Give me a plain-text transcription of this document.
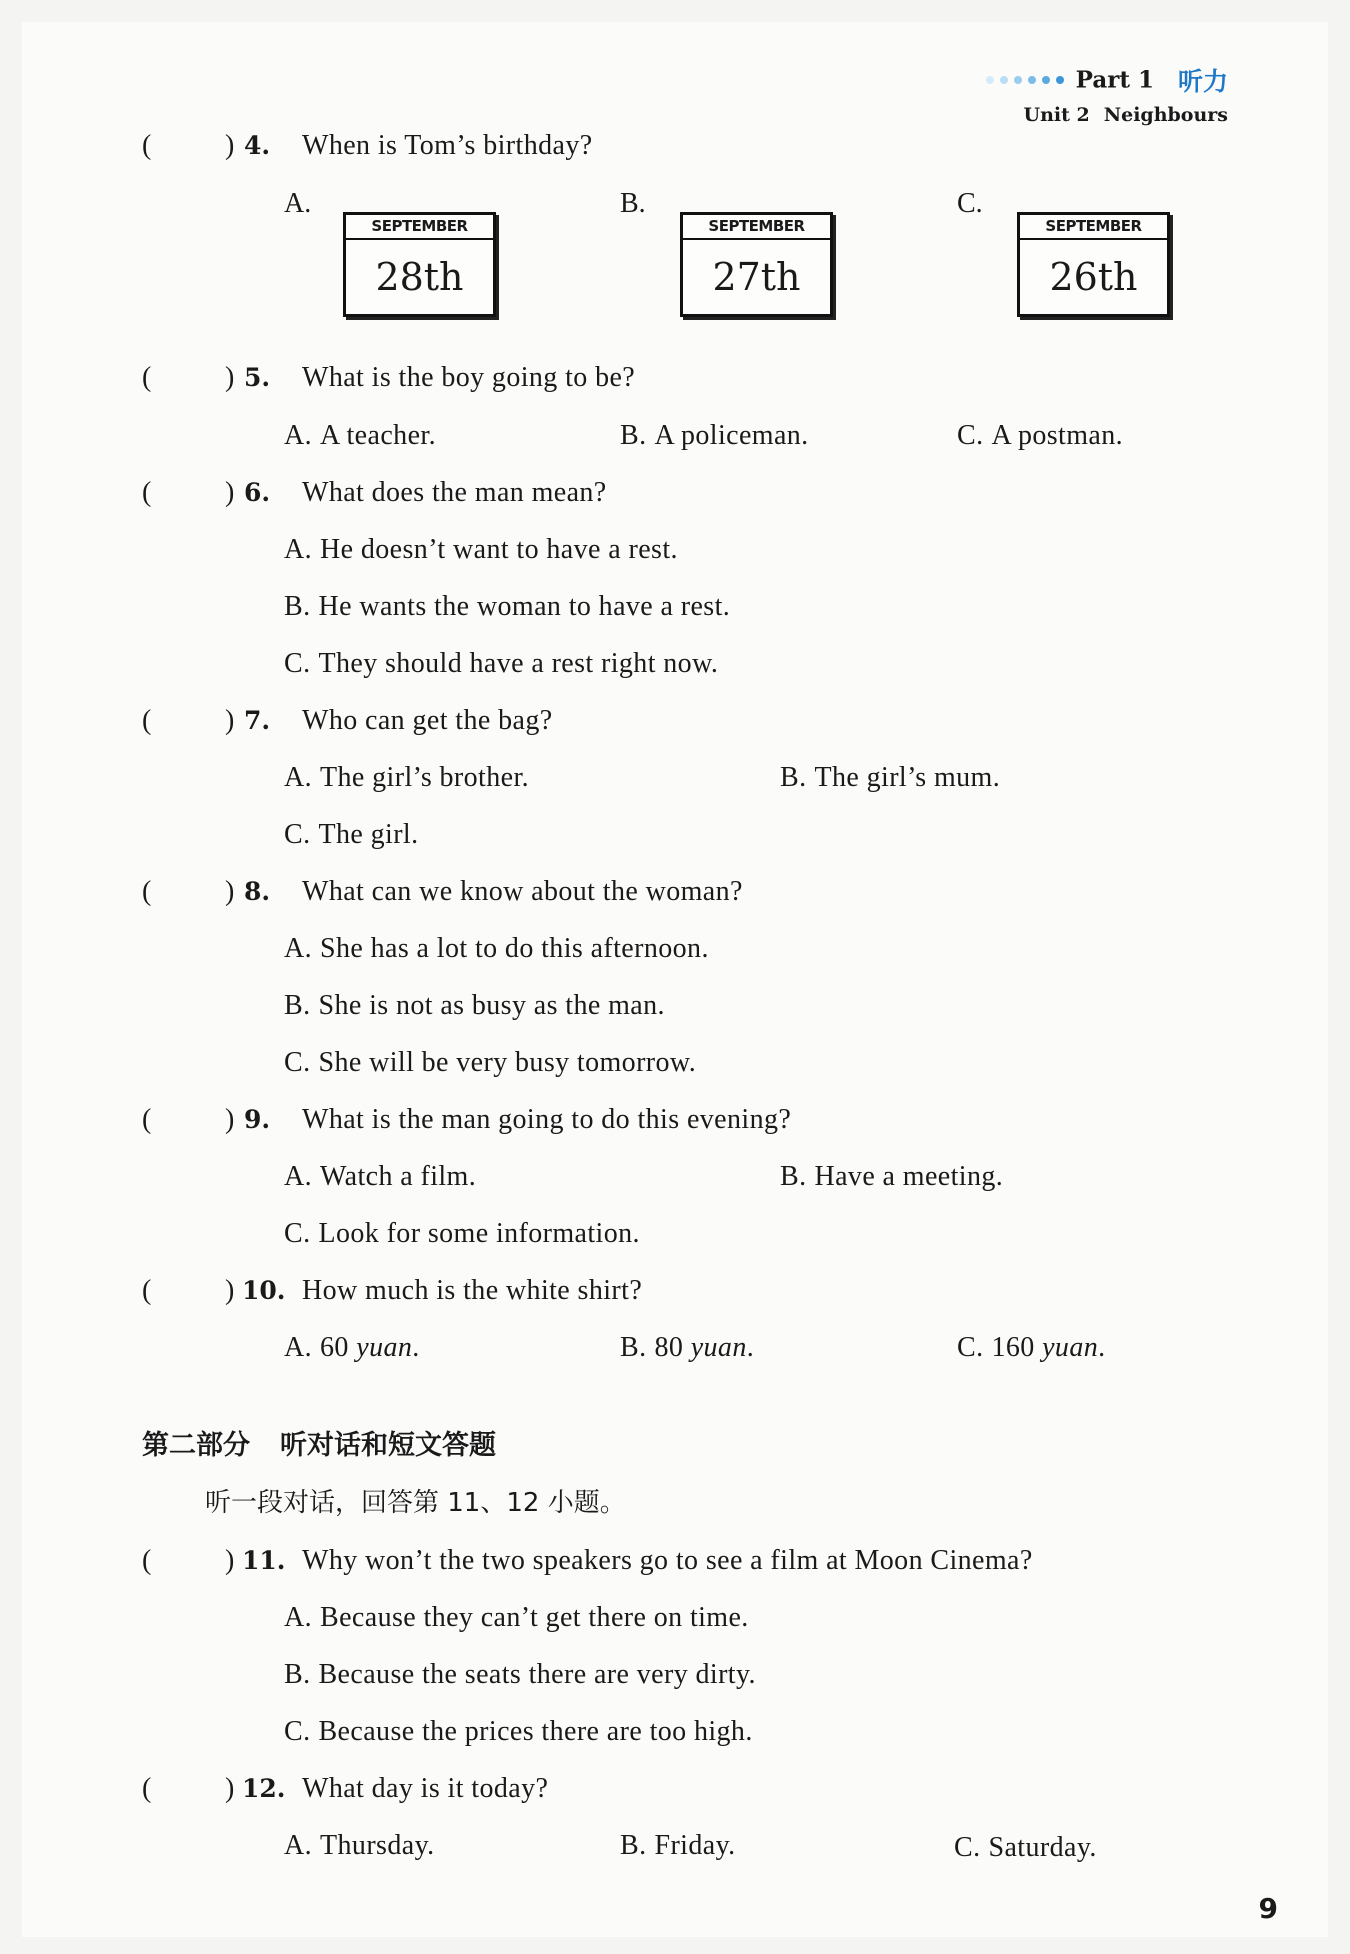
Part 1 听力
Unit 2 Neighbours
(	) 4. When is Tom’s birthday?
A.
SEPTEMBER
28th
B.
SEPTEMBER
27th
C.
SEPTEMBER
26th
(	) 5. What is the boy going to be?
A. A teacher.	B. A policeman.	C. A postman.
(	) 6. What does the man mean?
A. He doesn’t want to have a rest.
B. He wants the woman to have a rest.
C. They should have a rest right now.
(	) 7. Who can get the bag?
A. The girl’s brother.	B. The girl’s mum.
C. The girl.
(	) 8. What can we know about the woman?
A. She has a lot to do this afternoon.
B. She is not as busy as the man.
C. She will be very busy tomorrow.
(	) 9. What is the man going to do this evening?
A. Watch a film.	B. Have a meeting.
C. Look for some information.
(	) 10. How much is the white shirt?
A. 60 yuan.	B. 80 yuan.	C. 160 yuan.
第二部分 听对话和短文答题
听一段对话，回答第 11、12 小题。
(	) 11. Why won’t the two speakers go to see a film at Moon Cinema?
A. Because they can’t get there on time.
B. Because the seats there are very dirty.
C. Because the prices there are too high.
(	) 12. What day is it today?
A. Thursday.	B. Friday.	C. Saturday.
9
